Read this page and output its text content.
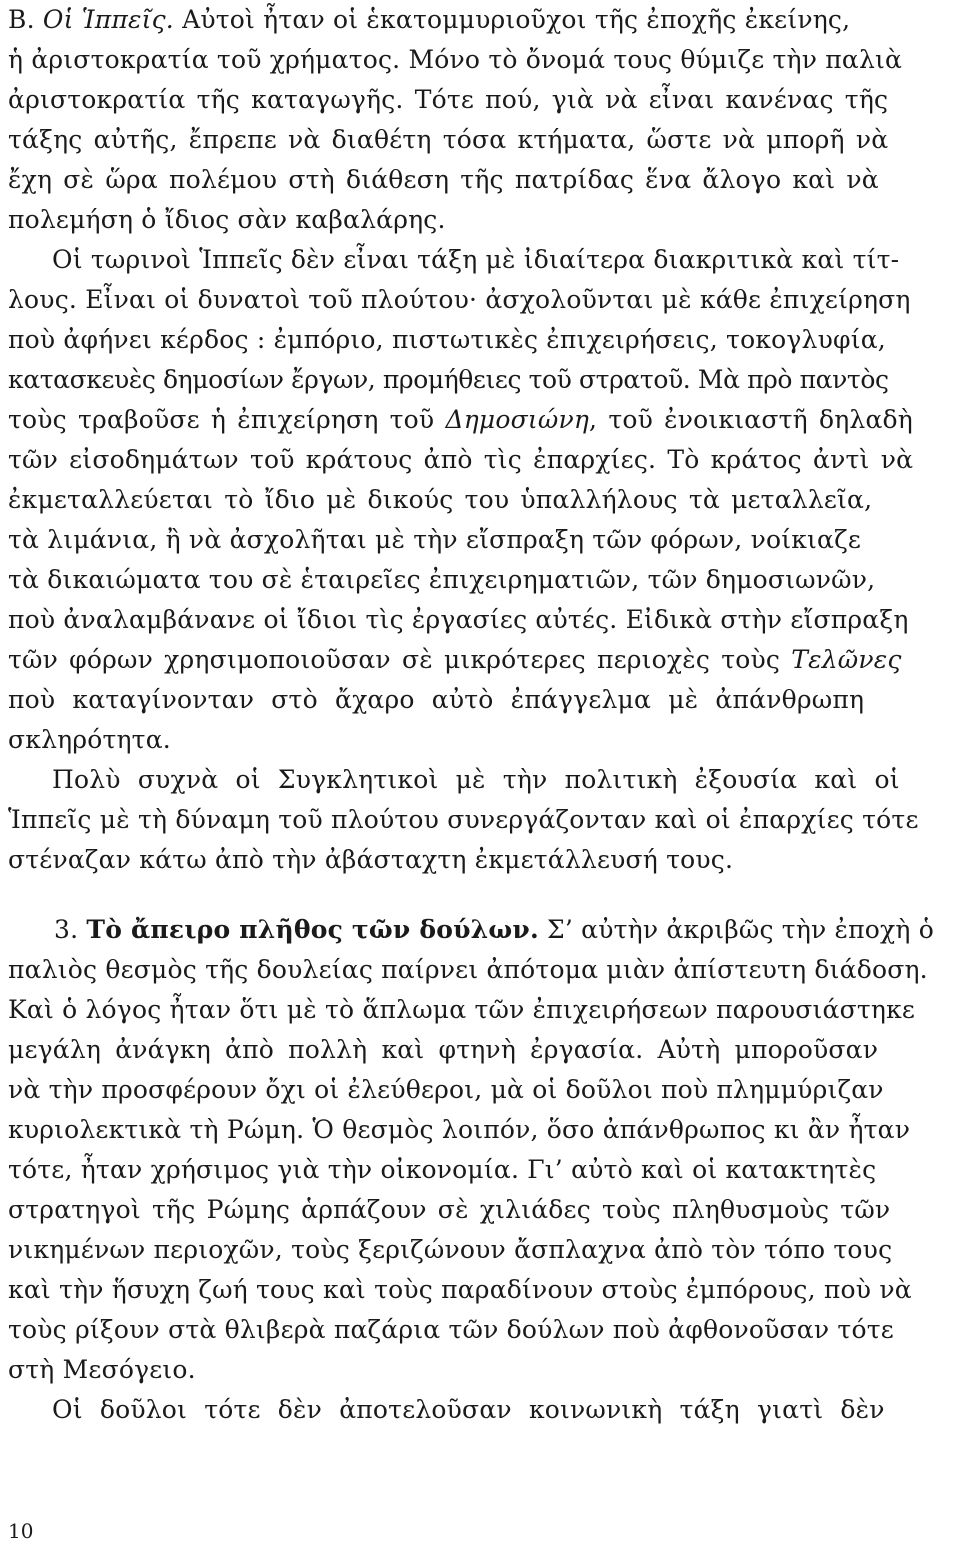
B. Οἱ Ἱππεῖς. Αὐτοὶ ἦταν οἱ ἑκατομμυριοῦχοι τῆς ἐποχῆς ἐκείνης,
ἡ ἀριστοκρατία τοῦ χρήματος. Μόνο τὸ ὄνομά τους θύμιζε τὴν παλιὰ
ἀριστοκρατία τῆς καταγωγῆς. Τότε πού, γιὰ νὰ εἶναι κανένας τῆς
τάξης αὐτῆς, ἔπρεπε νὰ διαθέτη τόσα κτήματα, ὥστε νὰ μπορῆ νὰ
ἔχη σὲ ὥρα πολέμου στὴ διάθεση τῆς πατρίδας ἕνα ἄλογο καὶ νὰ
πολεμήση ὁ ἴδιος σὰν καβαλάρης.
Οἱ τωρινοὶ Ἱππεῖς δὲν εἶναι τάξη μὲ ἰδιαίτερα διακριτικὰ καὶ τίτ-
λους. Εἶναι οἱ δυνατοὶ τοῦ πλούτου· ἀσχολοῦνται μὲ κάθε ἐπιχείρηση
ποὺ ἀφήνει κέρδος : ἐμπόριο, πιστωτικὲς ἐπιχειρήσεις, τοκογλυφία,
κατασκευὲς δημοσίων ἔργων, προμήθειες τοῦ στρατοῦ. Μὰ πρὸ παντὸς
τοὺς τραβοῦσε ἡ ἐπιχείρηση τοῦ Δημοσιώνη, τοῦ ἐνοικιαστῆ δηλαδὴ
τῶν εἰσοδημάτων τοῦ κράτους ἀπὸ τὶς ἐπαρχίες. Τὸ κράτος ἀντὶ νὰ
ἐκμεταλλεύεται τὸ ἴδιο μὲ δικούς του ὑπαλλήλους τὰ μεταλλεῖα,
τὰ λιμάνια, ἢ νὰ ἀσχολῆται μὲ τὴν εἴσπραξη τῶν φόρων, νοίκιαζε
τὰ δικαιώματα του σὲ ἑταιρεῖες ἐπιχειρηματιῶν, τῶν δημοσιωνῶν,
ποὺ ἀναλαμβάνανε οἱ ἴδιοι τὶς ἐργασίες αὐτές. Εἰδικὰ στὴν εἴσπραξη
τῶν φόρων χρησιμοποιοῦσαν σὲ μικρότερες περιοχὲς τοὺς Τελῶνες
ποὺ καταγίνονταν στὸ ἄχαρο αὐτὸ ἐπάγγελμα μὲ ἀπάνθρωπη
σκληρότητα.
Πολὺ συχνὰ οἱ Συγκλητικοὶ μὲ τὴν πολιτικὴ ἐξουσία καὶ οἱ
Ἱππεῖς μὲ τὴ δύναμη τοῦ πλούτου συνεργάζονταν καὶ οἱ ἐπαρχίες τότε
στέναζαν κάτω ἀπὸ τὴν ἀβάσταχτη ἐκμετάλλευσή τους.
3. Τὸ ἄπειρο πλῆθος τῶν δούλων. Σ’ αὐτὴν ἀκριβῶς τὴν ἐποχὴ ὁ
παλιὸς θεσμὸς τῆς δουλείας παίρνει ἀπότομα μιὰν ἀπίστευτη διάδοση.
Καὶ ὁ λόγος ἦταν ὅτι μὲ τὸ ἅπλωμα τῶν ἐπιχειρήσεων παρουσιάστηκε
μεγάλη ἀνάγκη ἀπὸ πολλὴ καὶ φτηνὴ ἐργασία. Αὐτὴ μποροῦσαν
νὰ τὴν προσφέρουν ὄχι οἱ ἐλεύθεροι, μὰ οἱ δοῦλοι ποὺ πλημμύριζαν
κυριολεκτικὰ τὴ Ρώμη. Ὁ θεσμὸς λοιπόν, ὅσο ἀπάνθρωπος κι ἂν ἦταν
τότε, ἦταν χρήσιμος γιὰ τὴν οἰκονομία. Γι’ αὐτὸ καὶ οἱ κατακτητὲς
στρατηγοὶ τῆς Ρώμης ἁρπάζουν σὲ χιλιάδες τοὺς πληθυσμοὺς τῶν
νικημένων περιοχῶν, τοὺς ξεριζώνουν ἄσπλαχνα ἀπὸ τὸν τόπο τους
καὶ τὴν ἥσυχη ζωή τους καὶ τοὺς παραδίνουν στοὺς ἐμπόρους, ποὺ νὰ
τοὺς ρίξουν στὰ θλιβερὰ παζάρια τῶν δούλων ποὺ ἀφθονοῦσαν τότε
στὴ Μεσόγειο.
Οἱ δοῦλοι τότε δὲν ἀποτελοῦσαν κοινωνικὴ τάξη γιατὶ δὲν
10
